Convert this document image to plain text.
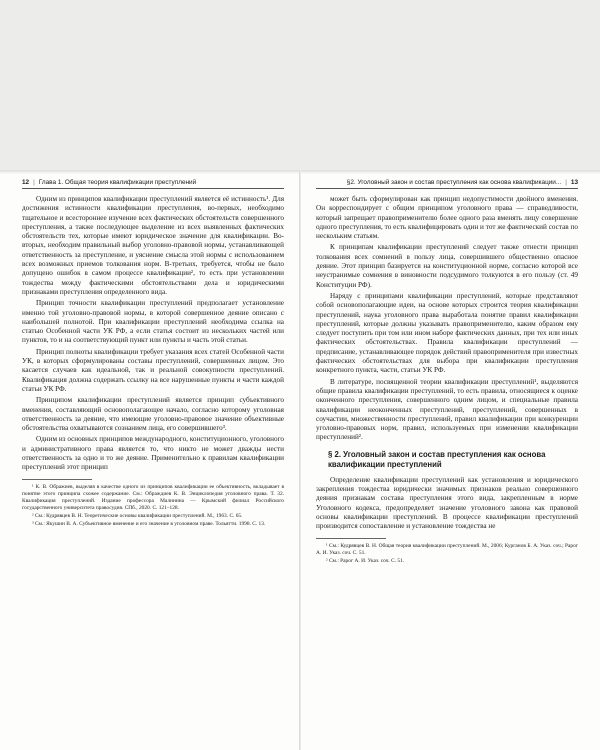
12 | Глава 1. Общая теория квалификации преступлений

Одним из принципов квалификации преступлений является её истинность¹. Для достижения истинности квалификации преступления, во-первых, необходимо тщательное и всестороннее изучение всех фактических обстоятельств совершенного преступления, а также последующее выделение из всех выявленных фактических обстоятельств тех, которые имеют юридическое значение для квалификации. Во-вторых, необходим правильный выбор уголовно-правовой нормы, устанавливающей ответственность за преступление, и уяснение смысла этой нормы с использованием всех возможных приемов толкования норм. В-третьих, требуется, чтобы не было допущено ошибок в самом процессе квалификации², то есть при установлении тождества между фактическими обстоятельствами дела и юридическими признаками преступления определенного вида.

Принцип точности квалификации преступлений предполагает установление именно той уголовно-правовой нормы, в которой совершенное деяние описано с наибольшей полнотой. При квалификации преступлений необходима ссылка на статью Особенной части УК РФ, а если статья состоит из нескольких частей или пунктов, то и на соответствующий пункт или пункты и часть этой статьи.

Принцип полноты квалификации требует указания всех статей Особенной части УК, в которых сформулированы составы преступлений, совершенных лицом. Это касается случаев как идеальной, так и реальной совокупности преступлений. Квалификация должна содержать ссылку на все нарушенные пункты и части каждой статьи УК РФ.

Принципом квалификации преступлений является принцип субъективного вменения, составляющий основополагающее начало, согласно которому уголовная ответственность за деяние, что имеющие уголовно-правовое значение объективные обстоятельства охватываются сознанием лица, его совершившего³.

Одним из основных принципов международного, конституционного, уголовного и административного права является то, что никто не может дважды нести ответственность за одно и то же деяние. Применительно к правилам квалификации преступлений этот принцип

¹ К. В. Ображиев, выделяя в качестве одного из принципов квалификации ее объективность, вкладывает в понятие этого принципа схожее содержание. См.: Ображдиев К. В. Энциклопедия уголовного права. Т. 32. Квалификация преступлений. Издание профессора Малинина — Крымский филиал Российского государственного университета правосудия. СПб., 2020. С. 121–128.

² См.: Кудрявцев В. Н. Теоретические основы квалификации преступлений. М., 1963. С. 65.

³ См.: Якушин В. А. Субъективное вменение и его значение в уголовном праве. Тольятти. 1998. С. 13.

§2. Уголовный закон и состав преступления как основа квалификации... | 13

может быть сформулирован как принцип недопустимости двойного вменения. Он корреспондирует с общим принципом уголовного права — справедливости, который запрещает правоприменителю более одного раза вменять лицу совершение одного преступления, то есть квалифицировать один и тот же фактический состав по нескольким статьям.

К принципам квалификации преступлений следует также отнести принцип толкования всех сомнений в пользу лица, совершившего общественно опасное деяние. Этот принцип базируется на конституционной норме, согласно которой все неустранимые сомнения в виновности подсудимого толкуются в его пользу (ст. 49 Конституции РФ).

Наряду с принципами квалификации преступлений, которые представляют собой основополагающие идеи, на основе которых строится теория квалификации преступлений, наука уголовного права выработала понятие правил квалификации преступлений, которые должны указывать правоприменителю, каким образом ему следует поступить при том или ином наборе фактических данных, при тех или иных фактических обстоятельствах. Правила квалификации преступлений — предписание, устанавливающее порядок действий правоприменителя при известных фактических обстоятельствах для выбора при квалификации преступления конкретного пункта, части, статьи УК РФ.

В литературе, посвященной теории квалификации преступлений¹, выделяются общие правила квалификации преступлений, то есть правила, относящиеся к оценке оконченного преступления, совершенного одним лицом, и специальные правила квалификации неоконченных преступлений, преступлений, совершенных в соучастии, множественности преступлений, правил квалификации при конкуренции уголовно-правовых норм, правил, используемых при изменении квалификации преступлений².

§ 2. Уголовный закон и состав преступления как основа квалификации преступлений

Определение квалификации преступлений как установления и юридического закрепления тождества юридически значимых признаков реально совершенного деяния признакам состава преступления этого вида, закрепленным в норме Уголовного кодекса, предопределяет значение уголовного закона как правовой основы квалификации преступлений. В процессе квалификации преступлений производится сопоставление и установление тождества не

¹ См.: Кудрявцев В. Н. Общая теория квалификации преступлений. М., 2006; Курганов Б. А. Указ. соч.; Рарог А. И. Указ. соч. С. 51.

² См.: Рарог А. И. Указ. соч. С. 51.
